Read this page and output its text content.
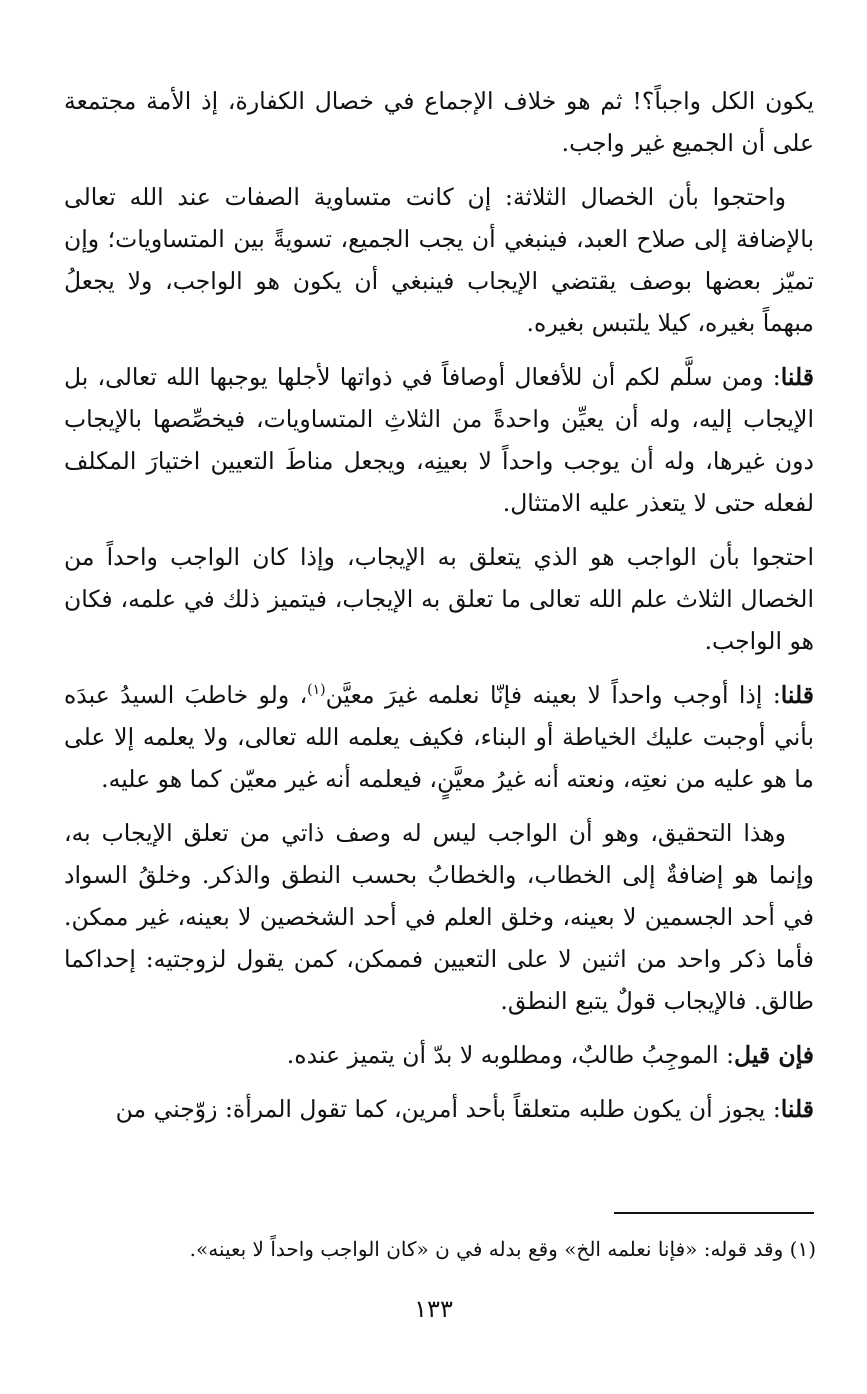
يكون الكل واجباً؟! ثم هو خلاف الإجماع في خصال الكفارة، إذ الأمة مجتمعة على أن الجميع غير واجب.

واحتجوا بأن الخصال الثلاثة: إن كانت متساوية الصفات عند الله تعالى بالإضافة إلى صلاح العبد، فينبغي أن يجب الجميع، تسويةً بين المتساويات؛ وإن تميّز بعضها بوصف يقتضي الإيجاب فينبغي أن يكون هو الواجب، ولا يجعلُ مبهماً بغيره، كيلا يلتبس بغيره.

قلنا: ومن سلَّم لكم أن للأفعال أوصافاً في ذواتها لأجلها يوجبها الله تعالى، بل الإيجاب إليه، وله أن يعيِّن واحدةً من الثلاثِ المتساويات، فيخصِّصها بالإيجاب دون غيرها، وله أن يوجب واحداً لا بعينِه، ويجعل مناطَ التعيين اختيارَ المكلف لفعله حتى لا يتعذر عليه الامتثال.

احتجوا بأن الواجب هو الذي يتعلق به الإيجاب، وإذا كان الواجب واحداً من الخصال الثلاث علم الله تعالى ما تعلق به الإيجاب، فيتميز ذلك في علمه، فكان هو الواجب.

قلنا: إذا أوجب واحداً لا بعينه فإنّا نعلمه غيرَ معيَّن$^{(١)}$، ولو خاطبَ السيدُ عبدَه بأني أوجبت عليك الخياطة أو البناء، فكيف يعلمه الله تعالى، ولا يعلمه إلا على ما هو عليه من نعتِه، ونعته أنه غيرُ معيَّنٍ، فيعلمه أنه غير معيّن كما هو عليه.

وهذا التحقيق، وهو أن الواجب ليس له وصف ذاتي من تعلق الإيجاب به، وإنما هو إضافةٌ إلى الخطاب، والخطابُ بحسب النطق والذكر. وخلقُ السواد في أحد الجسمين لا بعينه، وخلق العلم في أحد الشخصين لا بعينه، غير ممكن. فأما ذكر واحد من اثنين لا على التعيين فممكن، كمن يقول لزوجتيه: إحداكما طالق. فالإيجاب قولٌ يتبع النطق.

فإن قيل: الموجِبُ طالبٌ، ومطلوبه لا بدّ أن يتميز عنده.

قلنا: يجوز أن يكون طلبه متعلقاً بأحد أمرين، كما تقول المرأة: زوّجني من

(١) وقد قوله: «فإنا نعلمه الخ» وقع بدله في ن «كان الواجب واحداً لا بعينه».
١٣٣
